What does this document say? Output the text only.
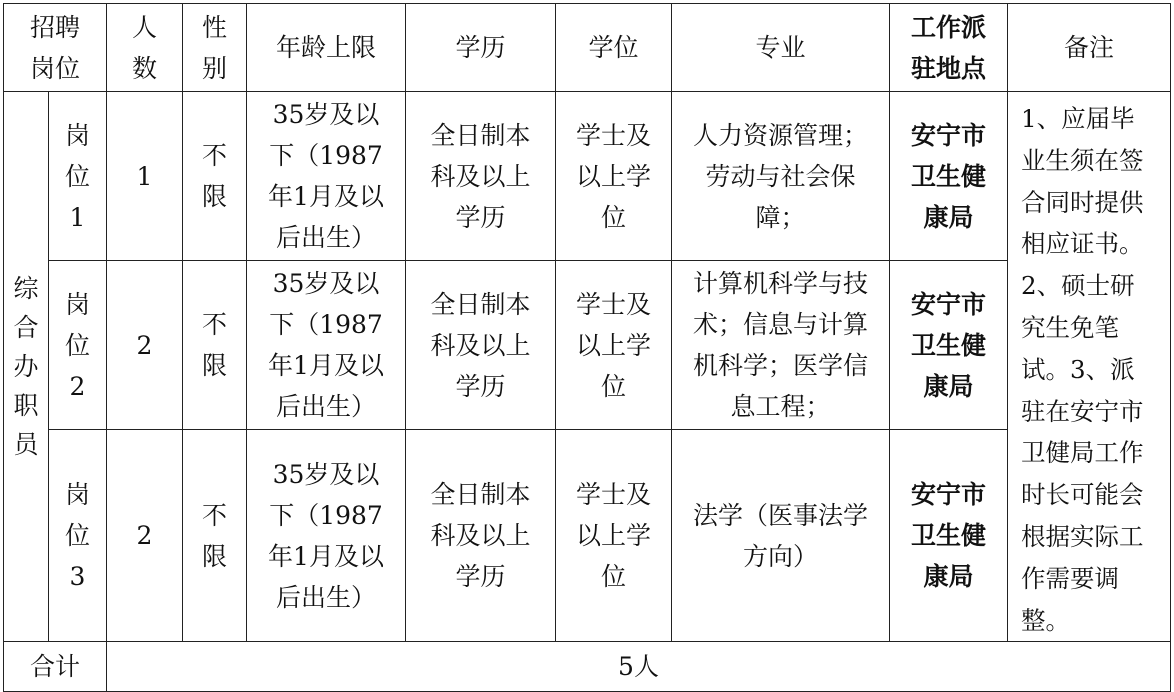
招聘岗位		人数	性别	年龄上限	学历	学位	专业	工作派驻地点	备注

综合办职员	岗位1	1	不限	35岁及以下（1987年1月及以后出生）	全日制本科及以上学历	学士及以上学位	人力资源管理；劳动与社会保障；	安宁市卫生健康局	1、应届毕业生须在签合同时提供相应证书。2、硕士研究生免笔试。3、派驻在安宁市卫健局工作时长可能会根据实际工作需要调整。

	岗位2	2	不限	35岁及以下（1987年1月及以后出生）	全日制本科及以上学历	学士及以上学位	计算机科学与技术；信息与计算机科学；医学信息工程；	安宁市卫生健康局	

	岗位3	2	不限	35岁及以下（1987年1月及以后出生）	全日制本科及以上学历	学士及以上学位	法学（医事法学方向）	安宁市卫生健康局	

合计		5人							
